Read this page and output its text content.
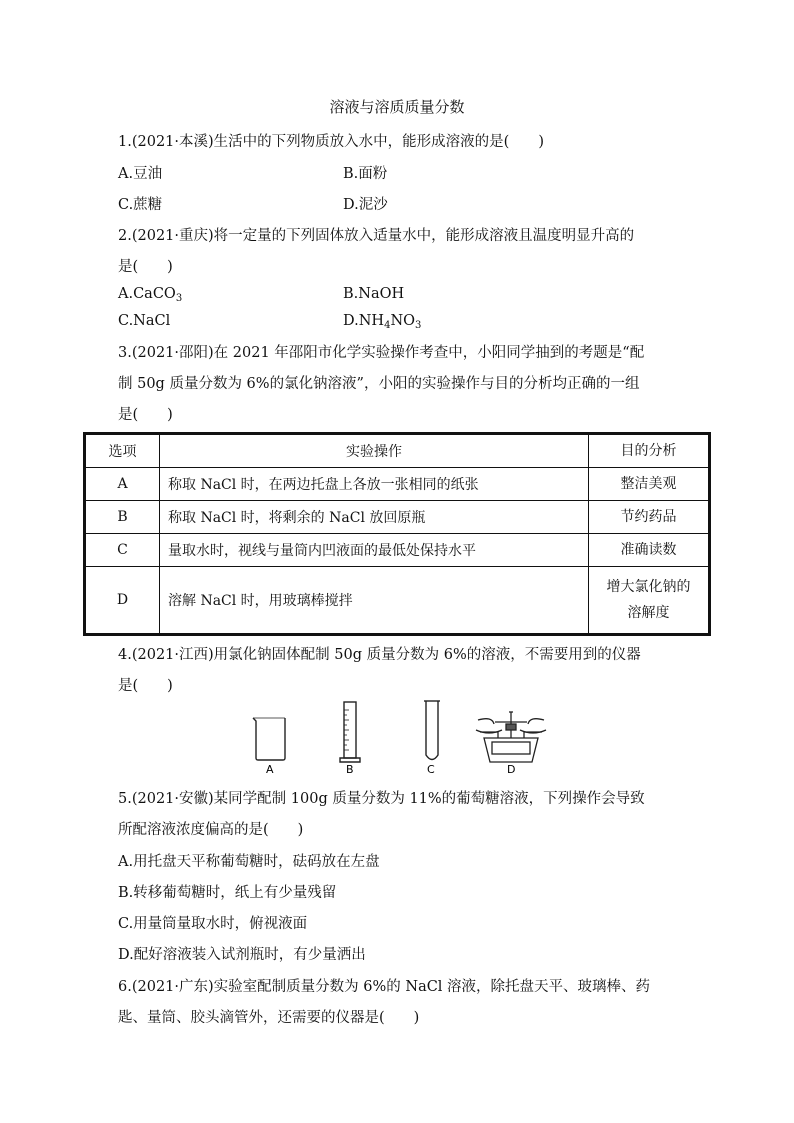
溶液与溶质质量分数
1.(2021·本溪)生活中的下列物质放入水中，能形成溶液的是(　　)
A.豆油	B.面粉
C.蔗糖	D.泥沙
2.(2021·重庆)将一定量的下列固体放入适量水中，能形成溶液且温度明显升高的
是(　　)
A.CaCO$_3$	B.NaOH
C.NaCl	$D.NH_4NO_3$
3.(2021·邵阳)在 2021 年邵阳市化学实验操作考查中，小阳同学抽到的考题是“配
制 50g 质量分数为 6%的氯化钠溶液”，小阳的实验操作与目的分析均正确的一组
是(　　)
选项	实验操作	目的分析
A	称取 NaCl 时，在两边托盘上各放一张相同的纸张	整洁美观
B	称取 NaCl 时，将剩余的 NaCl 放回原瓶	节约药品
C	量取水时，视线与量筒内凹液面的最低处保持水平	准确读数
D	溶解 NaCl 时，用玻璃棒搅拌	增大氯化钠的
溶解度
4.(2021·江西)用氯化钠固体配制 50g 质量分数为 6%的溶液，不需要用到的仪器
是(　　)
A	B	C	D
5.(2021·安徽)某同学配制 100g 质量分数为 11%的葡萄糖溶液，下列操作会导致
所配溶液浓度偏高的是(　　)
A.用托盘天平称葡萄糖时，砝码放在左盘
B.转移葡萄糖时，纸上有少量残留
C.用量筒量取水时，俯视液面
D.配好溶液装入试剂瓶时，有少量洒出
6.(2021·广东)实验室配制质量分数为 6%的 NaCl 溶液，除托盘天平、玻璃棒、药
匙、量筒、胶头滴管外，还需要的仪器是(　　)
